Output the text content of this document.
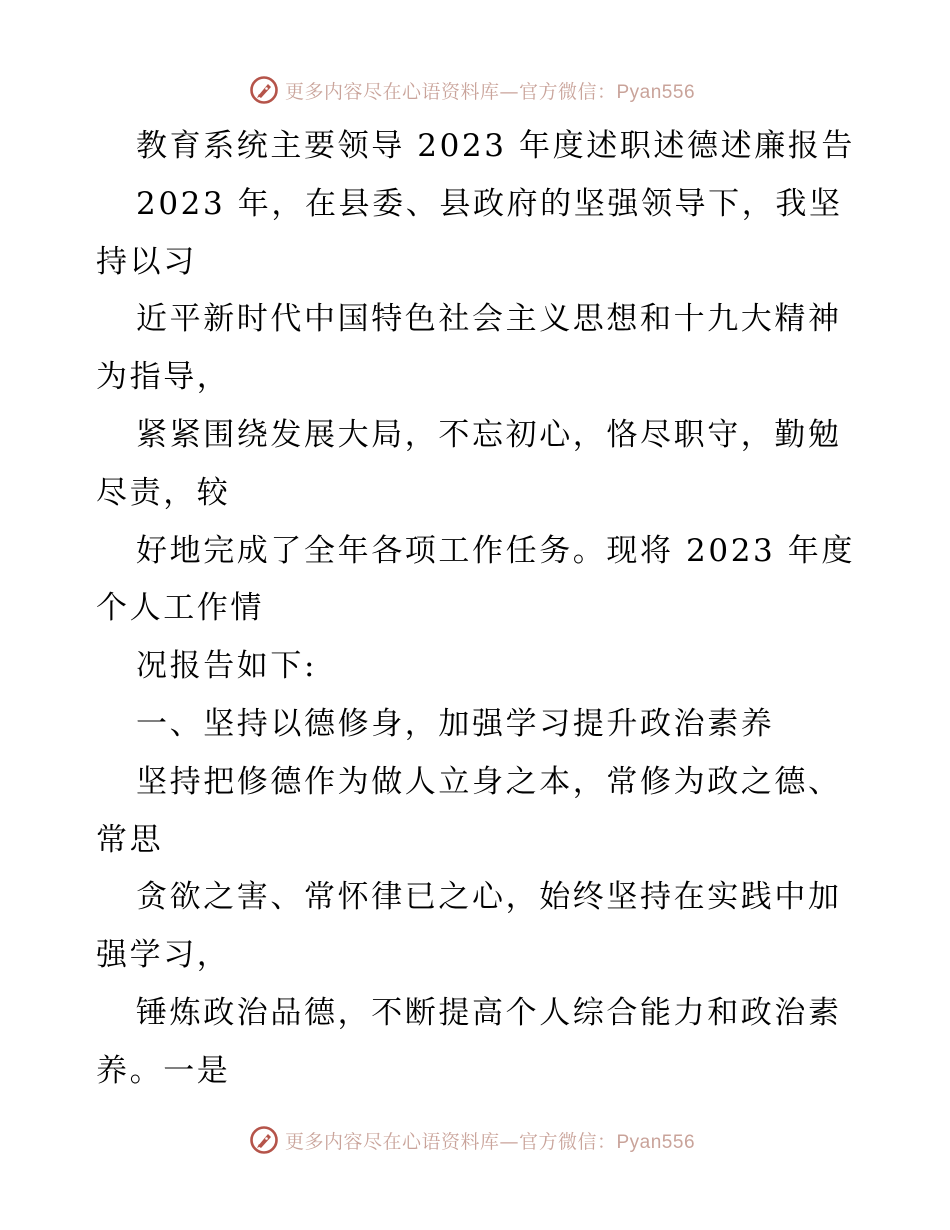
更多内容尽在心语资料库—官方微信：Pyan556
教育系统主要领导 2023 年度述职述德述廉报告
2023 年，在县委、县政府的坚强领导下，我坚
持以习
近平新时代中国特色社会主义思想和十九大精神
为指导，
紧紧围绕发展大局，不忘初心，恪尽职守，勤勉
尽责，较
好地完成了全年各项工作任务。现将 2023 年度
个人工作情
况报告如下:
一、坚持以德修身，加强学习提升政治素养
坚持把修德作为做人立身之本，常修为政之德、
常思
贪欲之害、常怀律已之心，始终坚持在实践中加
强学习，
锤炼政治品德，不断提高个人综合能力和政治素
养。一是
更多内容尽在心语资料库—官方微信：Pyan556
